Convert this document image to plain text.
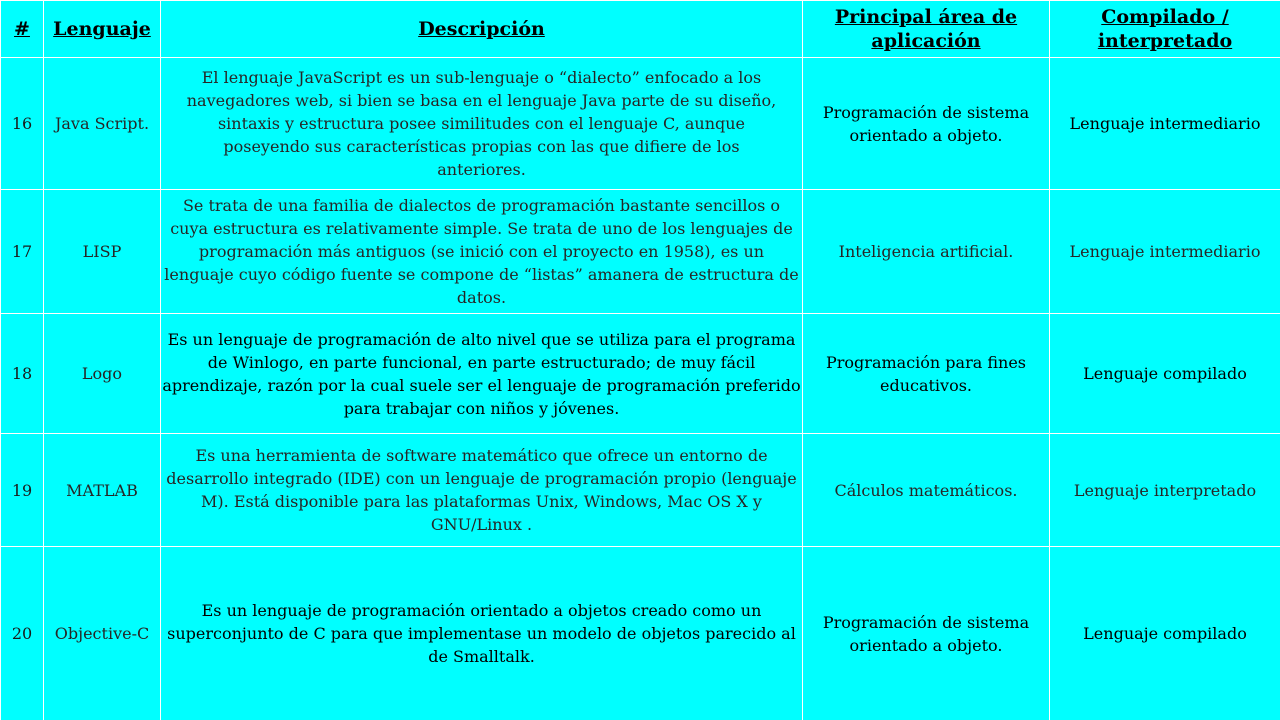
#	Lenguaje	Descripción	Principal área de aplicación	Compilado / interpretado
16	Java Script.	El lenguaje JavaScript es un sub-lenguaje o “dialecto” enfocado a los navegadores web, si bien se basa en el lenguaje Java parte de su diseño, sintaxis y estructura posee similitudes con el lenguaje C, aunque poseyendo sus características propias con las que difiere de los anteriores.	Programación de sistema orientado a objeto.	Lenguaje intermediario
17	LISP	Se trata de una familia de dialectos de programación bastante sencillos o cuya estructura es relativamente simple. Se trata de uno de los lenguajes de programación más antiguos (se inició con el proyecto en 1958), es un lenguaje cuyo código fuente se compone de “listas” amanera de estructura de datos.	Inteligencia artificial.	Lenguaje intermediario
18	Logo	Es un lenguaje de programación de alto nivel que se utiliza para el programa de Winlogo, en parte funcional, en parte estructurado; de muy fácil aprendizaje, razón por la cual suele ser el lenguaje de programación preferido para trabajar con niños y jóvenes.	Programación para fines educativos.	Lenguaje compilado
19	MATLAB	Es una herramienta de software matemático que ofrece un entorno de desarrollo integrado (IDE) con un lenguaje de programación propio (lenguaje M). Está disponible para las plataformas Unix, Windows, Mac OS X y GNU/Linux .	Cálculos matemáticos.	Lenguaje interpretado
20	Objective-C	Es un lenguaje de programación orientado a objetos creado como un superconjunto de C para que implementase un modelo de objetos parecido al de Smalltalk.	Programación de sistema orientado a objeto.	Lenguaje compilado
